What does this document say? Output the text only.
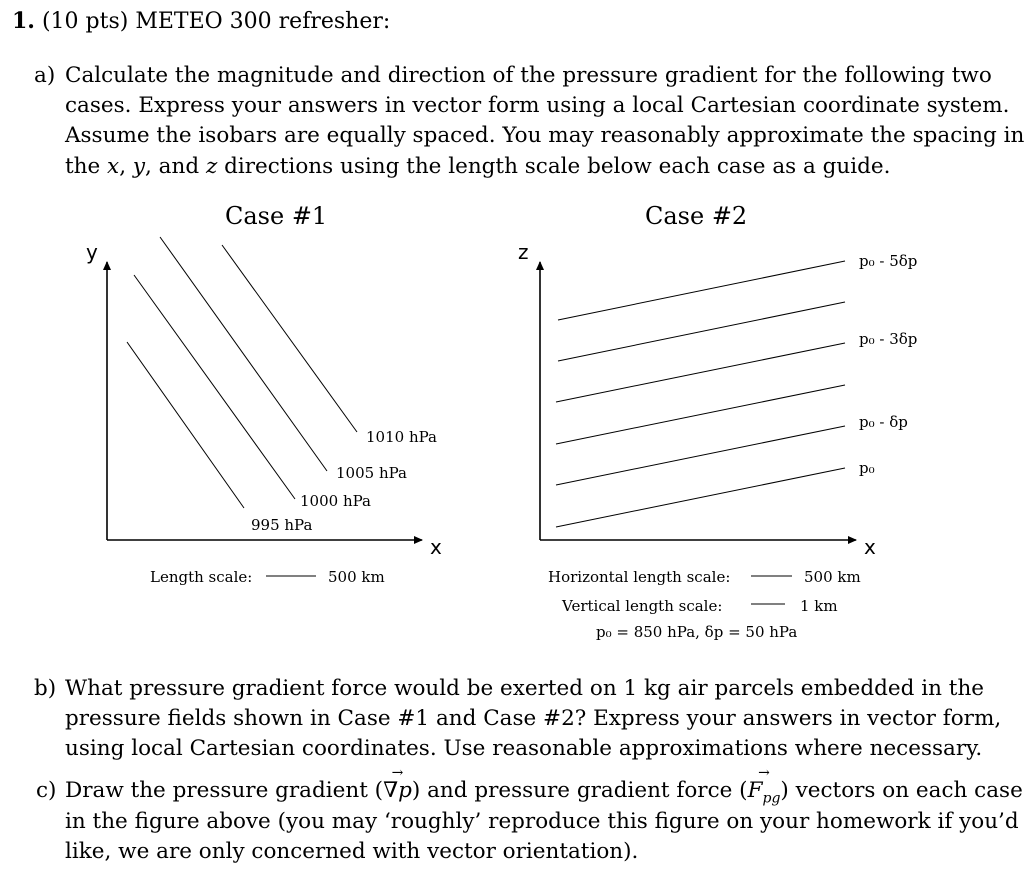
1. (10 pts) METEO 300 refresher:
a) Calculate the magnitude and direction of the pressure gradient for the following two
cases. Express your answers in vector form using a local Cartesian coordinate system.
Assume the isobars are equally spaced. You may reasonably approximate the spacing in
the x, y, and z directions using the length scale below each case as a guide.
Case #1	Case #2
y
x
1010 hPa
1005 hPa
1000 hPa
995 hPa
Length scale:	500 km
z
x
p₀ - 5δp
p₀ - 3δp
p₀ - δp
p₀
Horizontal length scale:	500 km
Vertical length scale:	1 km
p₀ = 850 hPa, δp = 50 hPa
b) What pressure gradient force would be exerted on 1 kg air parcels embedded in the
pressure fields shown in Case #1 and Case #2? Express your answers in vector form,
using local Cartesian coordinates. Use reasonable approximations where necessary.
c) Draw the pressure gradient (
→
∇p) and pressure gradient force (
→
$F_{pg}$) vectors on each case
in the figure above (you may ‘roughly’ reproduce this figure on your homework if you’d
like, we are only concerned with vector orientation).
